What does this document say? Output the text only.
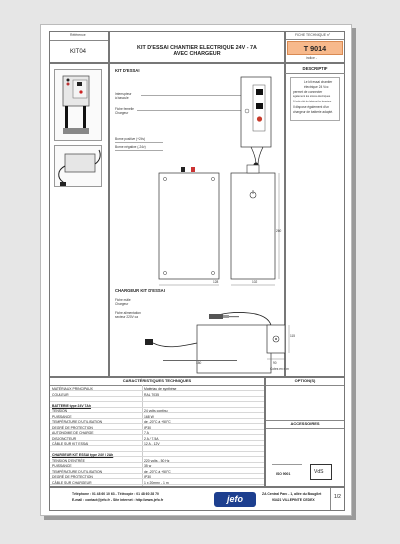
Référence
KIT04
KIT D'ESSAI CHANTIER ELECTRIQUE 24V - 7A
AVEC CHARGEUR
FICHE TECHNIQUE n°
T 9014
indice -
KIT D'ESSAI
Interrupteur
à bascule
Fiche femelle
Chargeur
Borne positive (+24v)
Borne négative (-24v)
128	102
260
CHARGEUR KIT D'ESSAI
Fiche mâle
Chargeur
Fiche alimentation
secteur 220V ca
90
115
180
Cotes en mm
DESCRIPTIF
Le kit essai chantier
électrique 24 Vcc
permet de connecter
également les stores électriques
24 volts côté les fabricant les fermeture.
Il dispose également d'un
chargeur de batterie adapté.
CARACTÉRISTIQUES TECHNIQUES
MATÉRIAUX PRINCIPAUX	Matériau de synthèse
COULEUR	RAL 7035
BATTERIE type 24V 7Ah
TENSION	24 volts continu
PUISSANCE	168 W
TEMPÉRATURE D'UTILISATION	de -20°C à +50°C
DEGRÉ DE PROTECTION	IP30
AUTONOMIE DE CHARGE	7 A
DISJONCTEUR	2 A / 7.5A
CÂBLE SUR KIT ESSAI	12 A - 12V
CHARGEUR KIT ESSAI type 24V / 2Ah
TENSION D'ENTRÉE	220 volts - 50 Hz
PUISSANCE	35 w
TEMPÉRATURE D'UTILISATION	de -20°C à +50°C
DEGRÉ DE PROTECTION	IP30
CÂBLE SUR CHARGEUR	1 x 20mm² - 1 m
OPTION(S)
ACCESSOIRES
ISO 9001	VdS
Téléphone : 01 48 60 10 63 - Télécopie : 01 48 60 28 70
E-mail : contact@jefo.fr - Site internet : http://www.jefo.fr	jefo	ZA Central Parc - 1, allée du Bougilet
93421 VILLEPINTE CEDEX	1/2
